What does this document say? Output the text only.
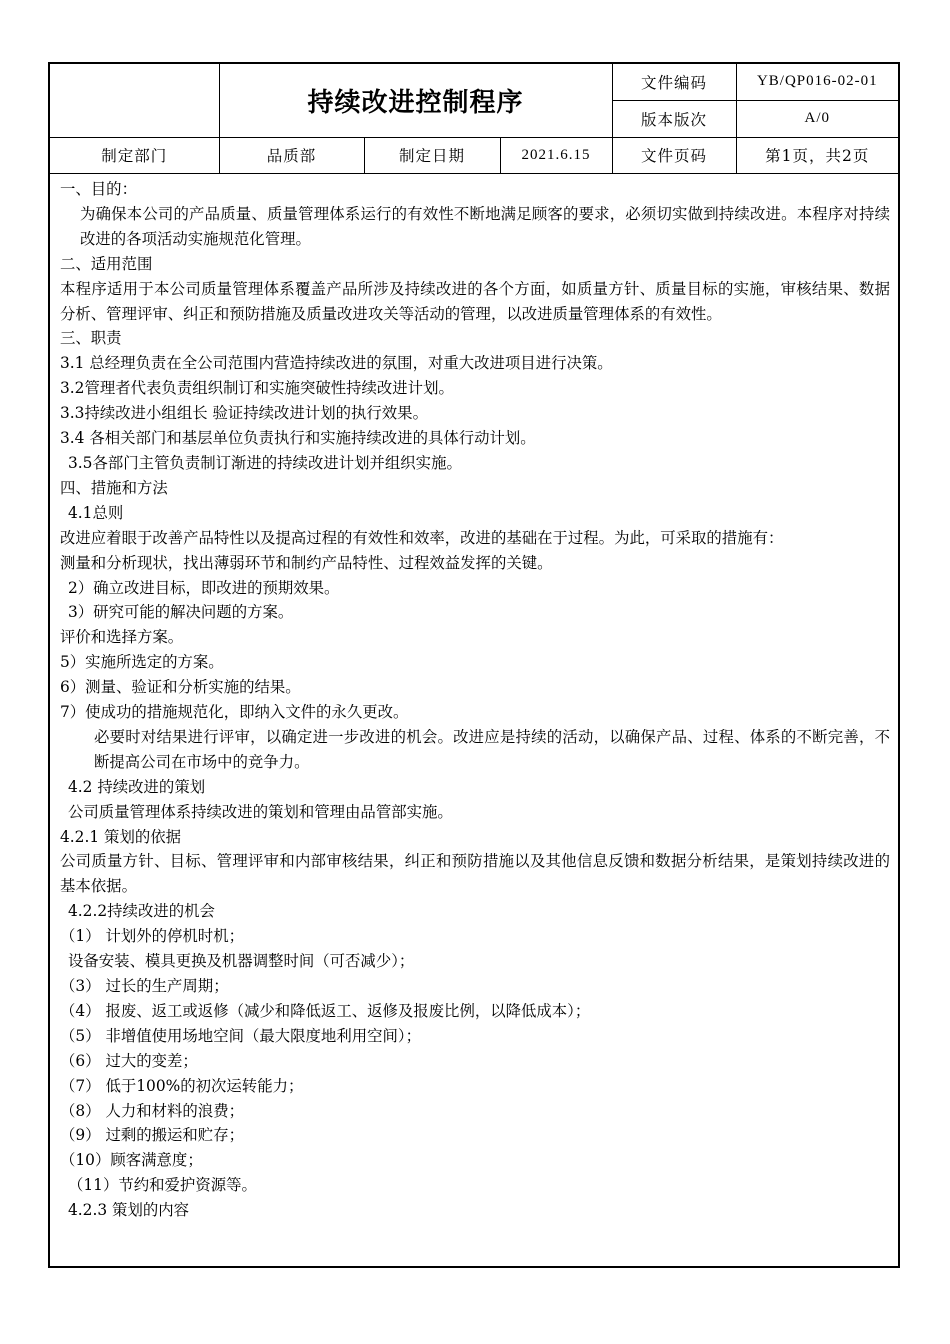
	持续改进控制程序			文件编码	YB/QP016-02-01
				版本版次	A/0
制定部门	品质部	制定日期	2021.6.15	文件页码	第1页，共2页

一、目的：

为确保本公司的产品质量、质量管理体系运行的有效性不断地满足顾客的要求，必须切实做到持续改进。本程序对持续改进的各项活动实施规范化管理。

二、适用范围

本程序适用于本公司质量管理体系覆盖产品所涉及持续改进的各个方面，如质量方针、质量目标的实施，审核结果、数据分析、管理评审、纠正和预防措施及质量改进攻关等活动的管理，以改进质量管理体系的有效性。

三、职责

3.1 总经理负责在全公司范围内营造持续改进的氛围，对重大改进项目进行决策。

3.2管理者代表负责组织制订和实施突破性持续改进计划。

3.3持续改进小组组长 验证持续改进计划的执行效果。

3.4 各相关部门和基层单位负责执行和实施持续改进的具体行动计划。

3.5各部门主管负责制订渐进的持续改进计划并组织实施。

四、措施和方法

4.1总则

改进应着眼于改善产品特性以及提高过程的有效性和效率，改进的基础在于过程。为此，可采取的措施有：

测量和分析现状，找出薄弱环节和制约产品特性、过程效益发挥的关键。

2）确立改进目标，即改进的预期效果。

3）研究可能的解决问题的方案。

评价和选择方案。

5）实施所选定的方案。

6）测量、验证和分析实施的结果。

7）使成功的措施规范化，即纳入文件的永久更改。

必要时对结果进行评审，以确定进一步改进的机会。改进应是持续的活动，以确保产品、过程、体系的不断完善，不断提高公司在市场中的竞争力。

4.2 持续改进的策划

公司质量管理体系持续改进的策划和管理由品管部实施。

4.2.1 策划的依据

公司质量方针、目标、管理评审和内部审核结果，纠正和预防措施以及其他信息反馈和数据分析结果，是策划持续改进的基本依据。

4.2.2持续改进的机会

（1） 计划外的停机时机；

设备安装、模具更换及机器调整时间（可否减少）；

（3） 过长的生产周期；

（4） 报废、返工或返修（减少和降低返工、返修及报废比例，以降低成本）；

（5） 非增值使用场地空间（最大限度地利用空间）；

（6） 过大的变差；

（7） 低于100%的初次运转能力；

（8） 人力和材料的浪费；

（9） 过剩的搬运和贮存；

（10）顾客满意度；

（11）节约和爱护资源等。

4.2.3 策划的内容
